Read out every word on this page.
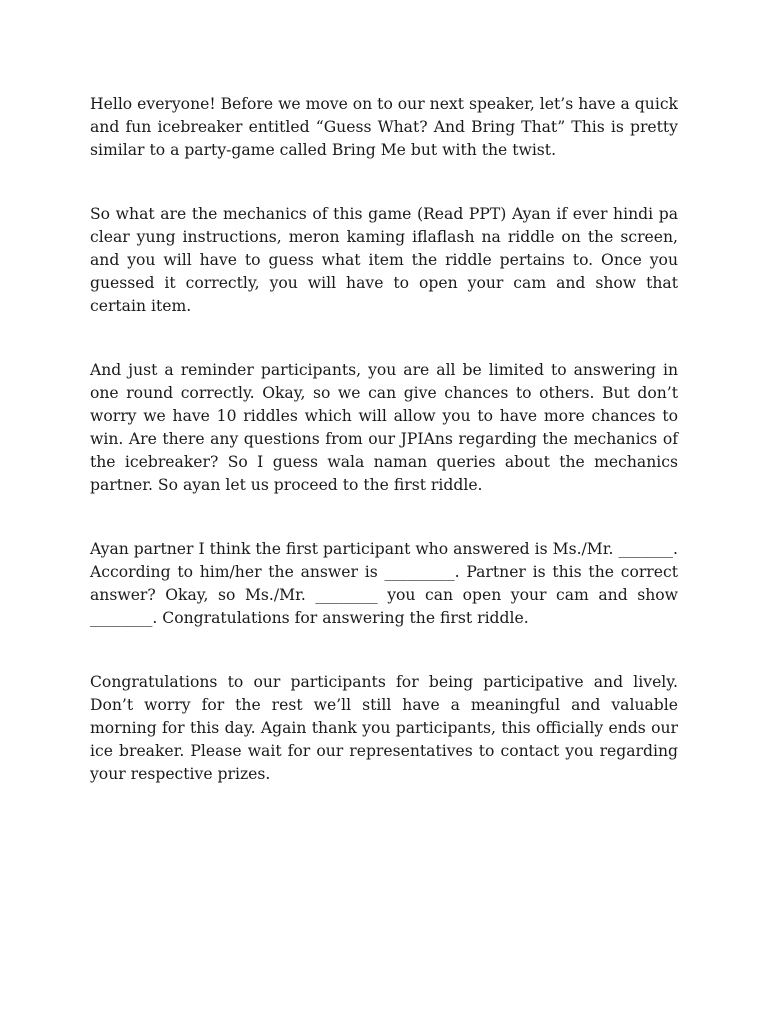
Hello everyone! Before we move on to our next speaker, let’s have a quick and fun icebreaker entitled “Guess What? And Bring That” This is pretty similar to a party-game called Bring Me but with the twist.

So what are the mechanics of this game (Read PPT) Ayan if ever hindi pa clear yung instructions, meron kaming iflaflash na riddle on the screen, and you will have to guess what item the riddle pertains to. Once you guessed it correctly, you will have to open your cam and show that certain item.

And just a reminder participants, you are all be limited to answering in one round correctly. Okay, so we can give chances to others. But don’t worry we have 10 riddles which will allow you to have more chances to win. Are there any questions from our JPIAns regarding the mechanics of the icebreaker? So I guess wala naman queries about the mechanics partner. So ayan let us proceed to the first riddle.

Ayan partner I think the first participant who answered is Ms./Mr. _______. According to him/her the answer is _________. Partner is this the correct answer? Okay, so Ms./Mr. ________ you can open your cam and show ________. Congratulations for answering the first riddle.

Congratulations to our participants for being participative and lively. Don’t worry for the rest we’ll still have a meaningful and valuable morning for this day. Again thank you participants, this officially ends our ice breaker. Please wait for our representatives to contact you regarding your respective prizes.
